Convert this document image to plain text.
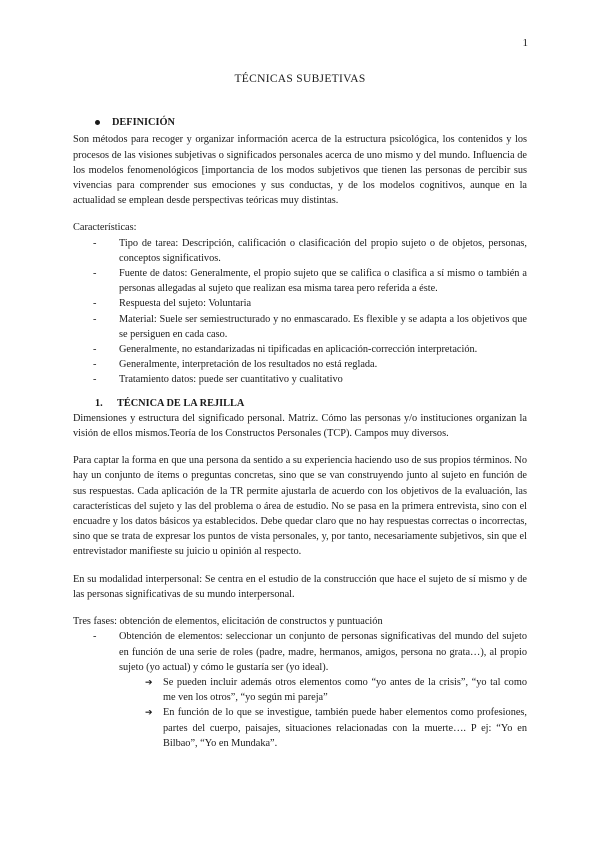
1
TÉCNICAS SUBJETIVAS
DEFINICIÓN

Son métodos para recoger y organizar información acerca de la estructura psicológica, los contenidos y los procesos de las visiones subjetivas o significados personales acerca de uno mismo y del mundo. Influencia de los modelos fenomenológicos [importancia de los modos subjetivos que tienen las personas de percibir sus vivencias para comprender sus emociones y sus conductas, y de los modelos cognitivos, aunque en la actualidad se emplean desde perspectivas teóricas muy distintas.

Características:

- Tipo de tarea: Descripción, calificación o clasificación del propio sujeto o de objetos, personas, conceptos significativos.
- Fuente de datos: Generalmente, el propio sujeto que se califica o clasifica a sí mismo o también a personas allegadas al sujeto que realizan esa misma tarea pero referida a éste.
- Respuesta del sujeto: Voluntaria
- Material: Suele ser semiestructurado y no enmascarado. Es flexible y se adapta a los objetivos que se persiguen en cada caso.
- Generalmente, no estandarizadas ni tipificadas en aplicación-corrección interpretación.
- Generalmente, interpretación de los resultados no está reglada.
- Tratamiento datos: puede ser cuantitativo y cualitativo
1.	TÉCNICA DE LA REJILLA

Dimensiones y estructura del significado personal. Matriz. Cómo las personas y/o instituciones organizan la visión de ellos mismos.Teoría de los Constructos Personales (TCP). Campos muy diversos.

Para captar la forma en que una persona da sentido a su experiencia haciendo uso de sus propios términos. No hay un conjunto de ítems o preguntas concretas, sino que se van construyendo junto al sujeto en función de sus respuestas. Cada aplicación de la TR permite ajustarla de acuerdo con los objetivos de la evaluación, las características del sujeto y las del problema o área de estudio. No se pasa en la primera entrevista, sino con el encuadre y los datos básicos ya establecidos. Debe quedar claro que no hay respuestas correctas o incorrectas, sino que se trata de expresar los puntos de vista personales, y, por tanto, necesariamente subjetivos, sin que el entrevistador manifieste su juicio u opinión al respecto.

En su modalidad interpersonal: Se centra en el estudio de la construcción que hace el sujeto de sí mismo y de las personas significativas de su mundo interpersonal.

Tres fases: obtención de elementos, elicitación de constructos y puntuación

- Obtención de elementos: seleccionar un conjunto de personas significativas del mundo del sujeto en función de una serie de roles (padre, madre, hermanos, amigos, persona no grata…), al propio sujeto (yo actual) y cómo le gustaría ser (yo ideal).
➔ Se pueden incluir además otros elementos como “yo antes de la crisis”, “yo tal como me ven los otros”, “yo según mi pareja”
➔ En función de lo que se investigue, también puede haber elementos como profesiones, partes del cuerpo, paisajes, situaciones relacionadas con la muerte…. P ej: “Yo en Bilbao”, “Yo en Mundaka”.
